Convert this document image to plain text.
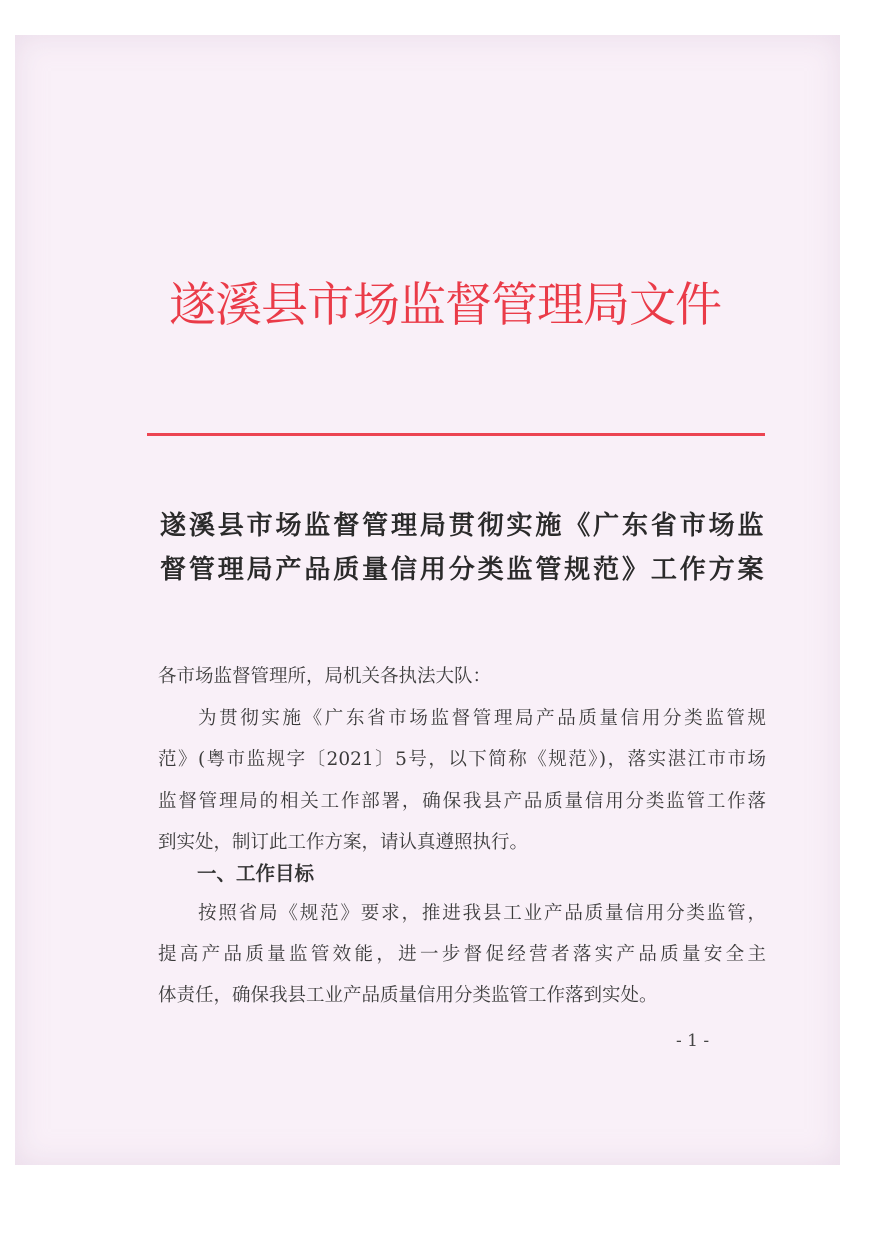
遂溪县市场监督管理局文件
遂溪县市场监督管理局贯彻实施《广东省市场监
督管理局产品质量信用分类监管规范》工作方案
各市场监督管理所，局机关各执法大队：
为贯彻实施《广东省市场监督管理局产品质量信用分类监管规
范》(粤市监规字〔2021〕5号，以下简称《规范》)，落实湛江市市场
监督管理局的相关工作部署，确保我县产品质量信用分类监管工作落
到实处，制订此工作方案，请认真遵照执行。
一、工作目标
按照省局《规范》要求，推进我县工业产品质量信用分类监管，
提高产品质量监管效能，进一步督促经营者落实产品质量安全主
体责任，确保我县工业产品质量信用分类监管工作落到实处。
- 1 -
